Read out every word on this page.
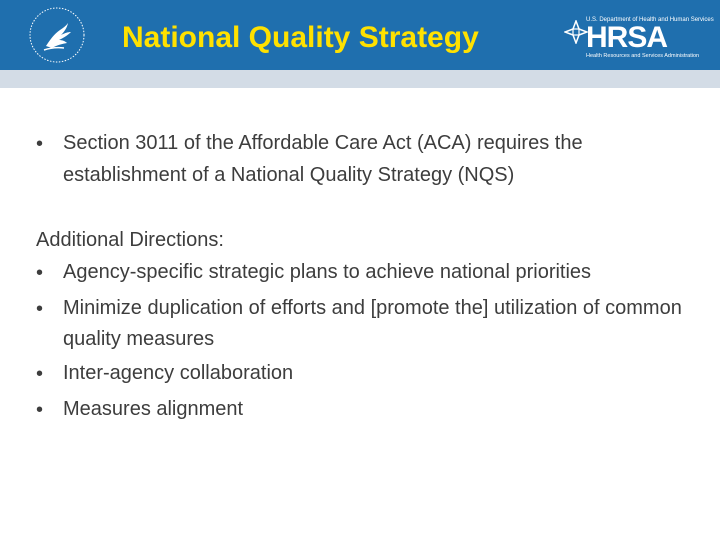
National Quality Strategy
U.S. Department of Health and Human Services
HRSA
Health Resources and Services Administration
• Section 3011 of the Affordable Care Act (ACA) requires the establishment of a National Quality Strategy (NQS)
Additional Directions:
• Agency-specific strategic plans to achieve national priorities
• Minimize duplication of efforts and [promote the] utilization of common quality measures
• Inter-agency collaboration
• Measures alignment
